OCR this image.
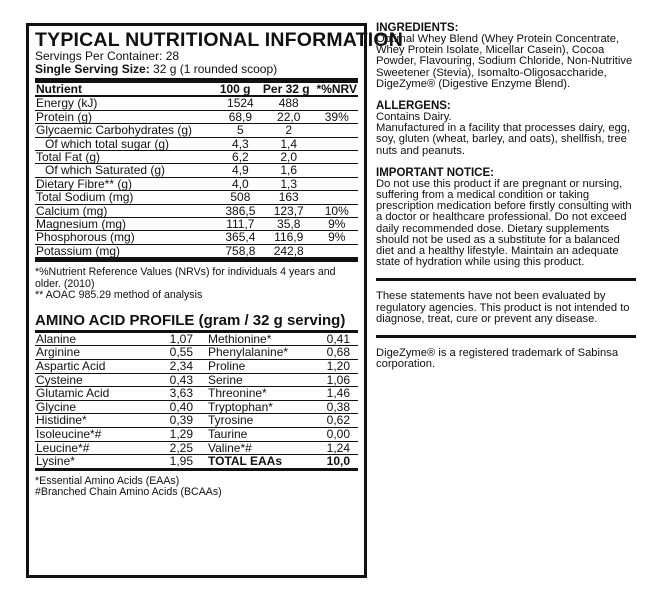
TYPICAL NUTRITIONAL INFORMATION
Servings Per Container: 28
Single Serving Size: 32 g (1 rounded scoop)
Nutrient	100 g	Per 32 g	*%NRV
Energy (kJ)	1524	488	
Protein (g)	68,9	22,0	39%
Glycaemic Carbohydrates (g)	5	2	
Of which total sugar (g)	4,3	1,4	
Total Fat (g)	6,2	2,0	
Of which Saturated (g)	4,9	1,6	
Dietary Fibre** (g)	4,0	1,3	
Total Sodium (mg)	508	163	
Calcium (mg)	386,5	123,7	10%
Magnesium (mg)	111,7	35,8	9%
Phosphorous (mg)	365,4	116,9	9%
Potassium (mg)	758,8	242,8	
*%Nutrient Reference Values (NRVs) for individuals 4 years and older. (2010)
** AOAC 985.29 method of analysis
AMINO ACID PROFILE (gram / 32 g serving)
Alanine	1,07		Methionine*	0,41
Arginine	0,55		Phenylalanine*	0,68
Aspartic Acid	2,34		Proline	1,20
Cysteine	0,43		Serine	1,06
Glutamic Acid	3,63		Threonine*	1,46
Glycine	0,40		Tryptophan*	0,38
Histidine*	0,39		Tyrosine	0,62
Isoleucine*#	1,29		Taurine	0,00
Leucine*#	2,25		Valine*#	1,24
Lysine*	1,95		TOTAL EAAs	10,0
*Essential Amino Acids (EAAs)
#Branched Chain Amino Acids (BCAAs)
INGREDIENTS:

Optimal Whey Blend (Whey Protein Concentrate, Whey Protein Isolate, Micellar Casein), Cocoa Powder, Flavouring, Sodium Chloride, Non-Nutritive Sweetener (Stevia), Isomalto-Oligosaccharide, DigeZyme® (Digestive Enzyme Blend).

ALLERGENS:

Contains Dairy.

Manufactured in a facility that processes dairy, egg, soy, gluten (wheat, barley, and oats), shellfish, tree nuts and peanuts.

IMPORTANT NOTICE:

Do not use this product if are pregnant or nursing, suffering from a medical condition or taking prescription medication before firstly consulting with a doctor or healthcare professional. Do not exceed daily recommended dose. Dietary supplements should not be used as a substitute for a balanced diet and a healthy lifestyle. Maintain an adequate state of hydration while using this product.

These statements have not been evaluated by regulatory agencies. This product is not intended to diagnose, treat, cure or prevent any disease.

DigeZyme® is a registered trademark of Sabinsa corporation.
